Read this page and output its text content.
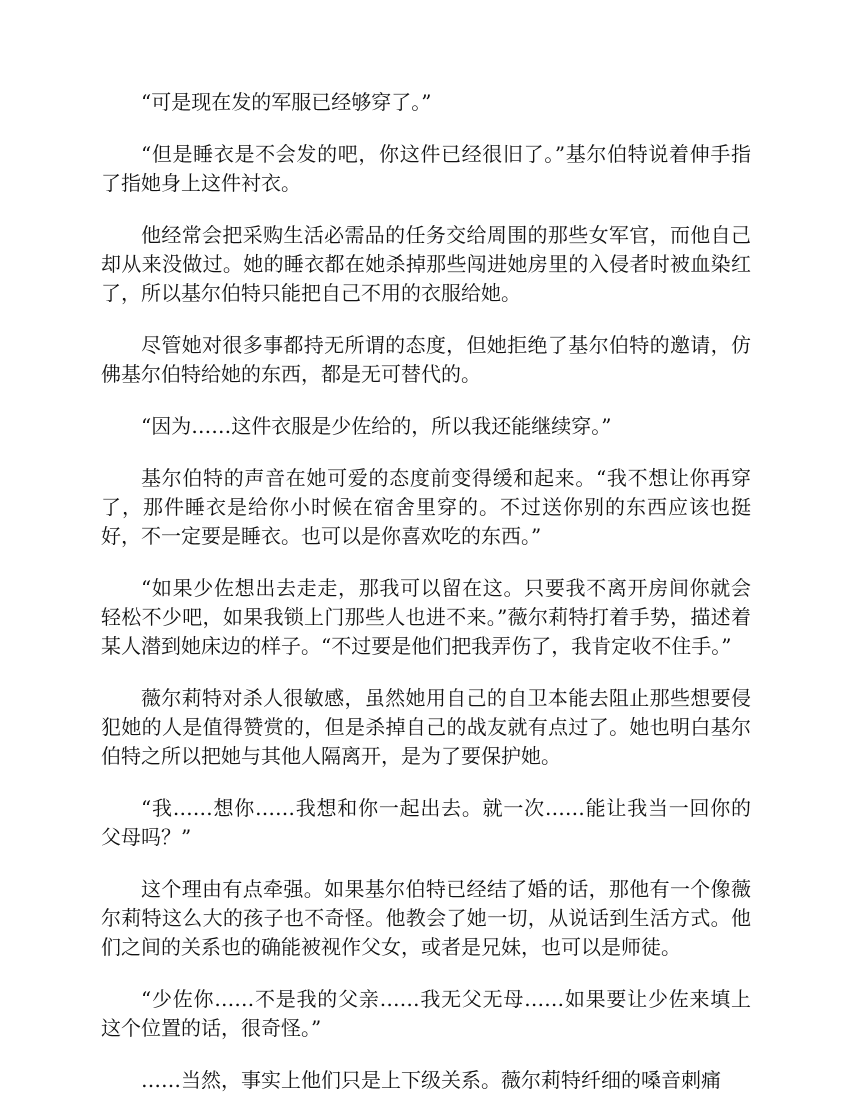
“可是现在发的军服已经够穿了。”

“但是睡衣是不会发的吧，你这件已经很旧了。”基尔伯特说着伸手指了指她身上这件衬衣。

他经常会把采购生活必需品的任务交给周围的那些女军官，而他自己却从来没做过。她的睡衣都在她杀掉那些闯进她房里的入侵者时被血染红了，所以基尔伯特只能把自己不用的衣服给她。

尽管她对很多事都持无所谓的态度，但她拒绝了基尔伯特的邀请，仿佛基尔伯特给她的东西，都是无可替代的。

“因为……这件衣服是少佐给的，所以我还能继续穿。”

基尔伯特的声音在她可爱的态度前变得缓和起来。“我不想让你再穿了，那件睡衣是给你小时候在宿舍里穿的。不过送你别的东西应该也挺好，不一定要是睡衣。也可以是你喜欢吃的东西。”

“如果少佐想出去走走，那我可以留在这。只要我不离开房间你就会轻松不少吧，如果我锁上门那些人也进不来。”薇尔莉特打着手势，描述着某人潜到她床边的样子。“不过要是他们把我弄伤了，我肯定收不住手。”

薇尔莉特对杀人很敏感，虽然她用自己的自卫本能去阻止那些想要侵犯她的人是值得赞赏的，但是杀掉自己的战友就有点过了。她也明白基尔伯特之所以把她与其他人隔离开，是为了要保护她。

“我……想你……我想和你一起出去。就一次……能让我当一回你的父母吗？”

这个理由有点牵强。如果基尔伯特已经结了婚的话，那他有一个像薇尔莉特这么大的孩子也不奇怪。他教会了她一切，从说话到生活方式。他们之间的关系也的确能被视作父女，或者是兄妹，也可以是师徒。

“少佐你……不是我的父亲……我无父无母……如果要让少佐来填上这个位置的话，很奇怪。”

……当然，事实上他们只是上下级关系。薇尔莉特纤细的嗓音刺痛
